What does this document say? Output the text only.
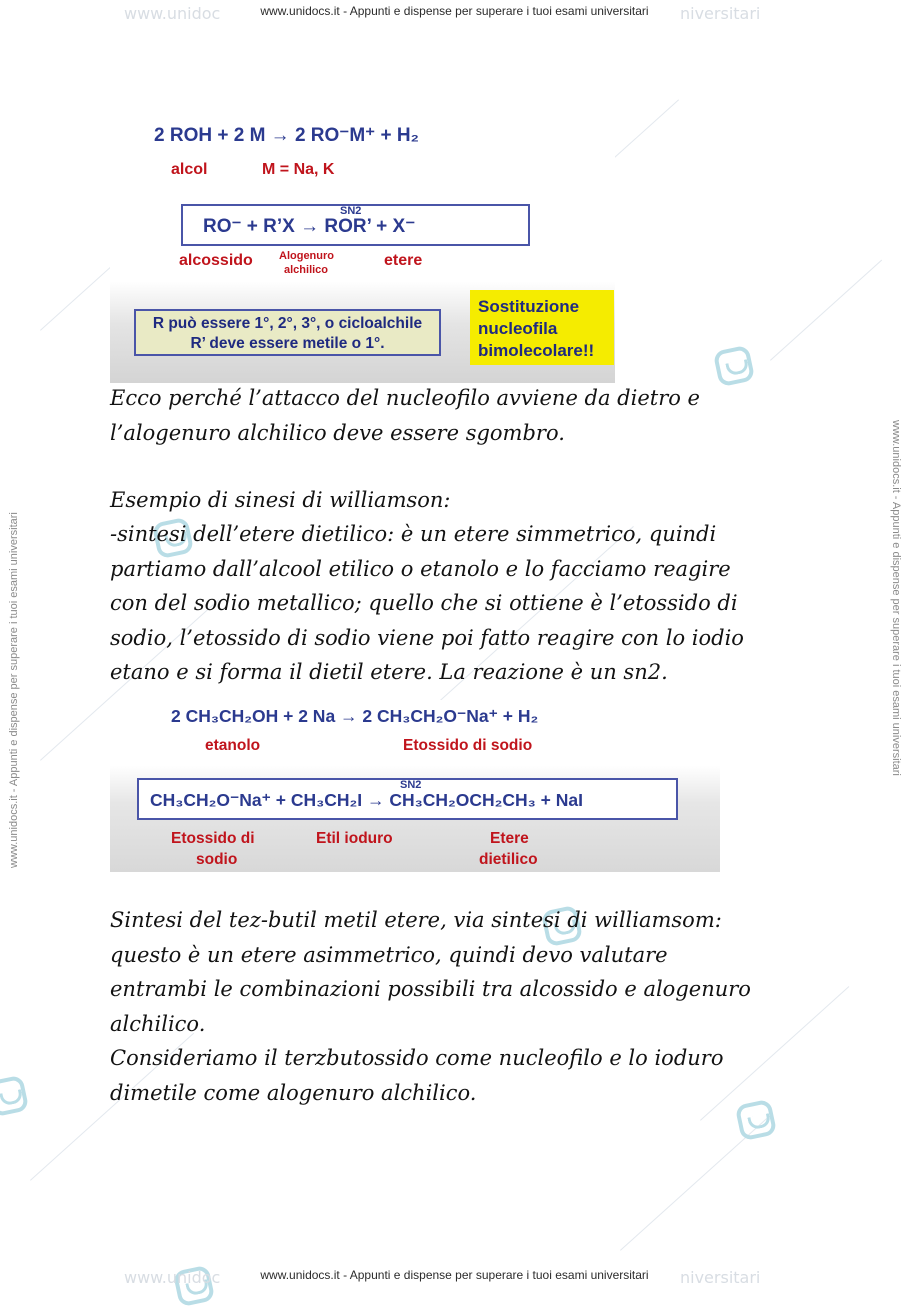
www.unidoc	www.unidocs.it - Appunti e dispense per superare i tuoi esami universitari niversitari
www.unidocs.it - Appunti e dispense per superare i tuoi esami universitari	www.unidocs.it - Appunti e dispense per superare i tuoi esami universitari
2 ROH + 2 M → 2 RO⁻M⁺ + H₂
alcol	M = Na, K
RO⁻ + R’X → ROR’ + X⁻
SN2
alcossido Alogenuro
alchilico
etere
R può essere 1°, 2°, 3°, o cicloalchile
R’ deve essere metile o 1°.
Sostituzione
nucleofila
bimolecolare!!
Ecco perché l’attacco del nucleofilo avviene da dietro e
l’alogenuro alchilico deve essere sgombro.
Esempio di sinesi di williamson:
-sintesi dell’etere dietilico: è un etere simmetrico, quindi
partiamo dall’alcool etilico o etanolo e lo facciamo reagire
con del sodio metallico; quello che si ottiene è l’etossido di
sodio, l’etossido di sodio viene poi fatto reagire con lo iodio
etano e si forma il dietil etere. La reazione è un sn2.
2 CH₃CH₂OH + 2 Na → 2 CH₃CH₂O⁻Na⁺ + H₂
etanolo	Etossido di sodio
CH₃CH₂O⁻Na⁺ + CH₃CH₂I → CH₃CH₂OCH₂CH₃ + NaI
SN2
Etossido di
sodio
Etil ioduro	Etere
dietilico
Sintesi del tez-butil metil etere, via sintesi di williamsom:
questo è un etere asimmetrico, quindi devo valutare
entrambi le combinazioni possibili tra alcossido e alogenuro
alchilico.
Consideriamo il terzbutossido come nucleofilo e lo ioduro
dimetile come alogenuro alchilico.
www.unidoc	www.unidocs.it - Appunti e dispense per superare i tuoi esami universitari niversitari
